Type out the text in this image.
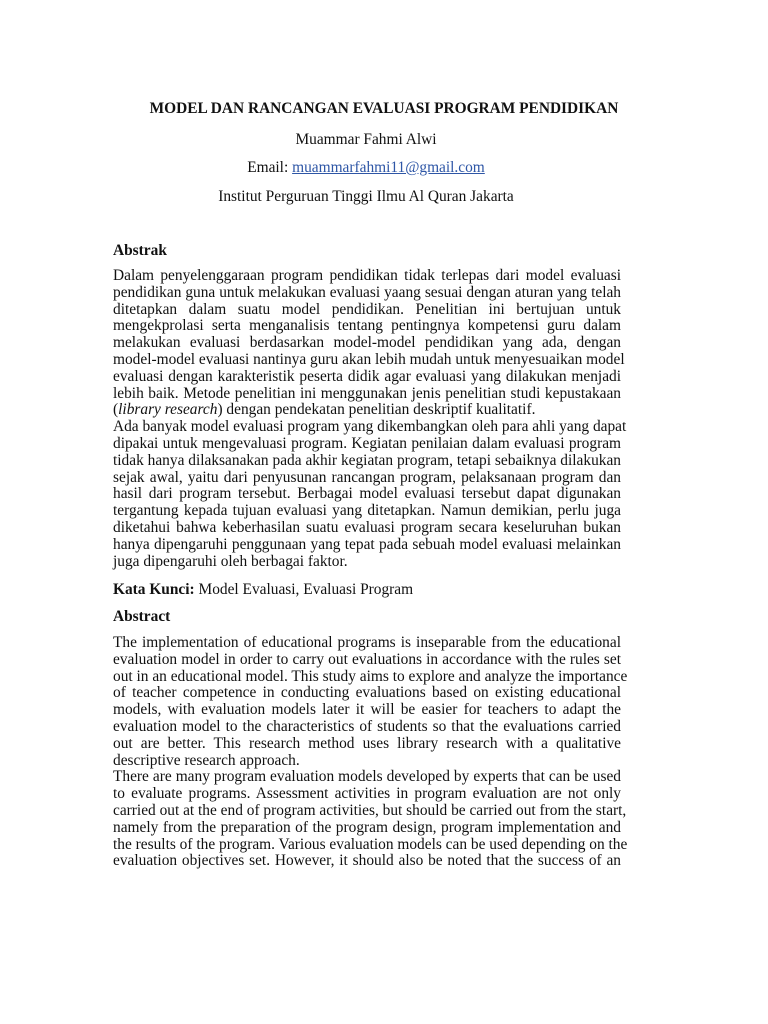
MODEL DAN RANCANGAN EVALUASI PROGRAM PENDIDIKAN

Muammar Fahmi Alwi

Email: muammarfahmi11@gmail.com

Institut Perguruan Tinggi Ilmu Al Quran Jakarta

Abstrak
Dalam penyelenggaraan program pendidikan tidak terlepas dari model evaluasi
pendidikan guna untuk melakukan evaluasi yaang sesuai dengan aturan yang telah
ditetapkan dalam suatu model pendidikan. Penelitian ini bertujuan untuk
mengekprolasi serta menganalisis tentang pentingnya kompetensi guru dalam
melakukan evaluasi berdasarkan model-model pendidikan yang ada, dengan
model-model evaluasi nantinya guru akan lebih mudah untuk menyesuaikan model
evaluasi dengan karakteristik peserta didik agar evaluasi yang dilakukan menjadi
lebih baik. Metode penelitian ini menggunakan jenis penelitian studi kepustakaan
(library research) dengan pendekatan penelitian deskriptif kualitatif.
Ada banyak model evaluasi program yang dikembangkan oleh para ahli yang dapat
dipakai untuk mengevaluasi program. Kegiatan penilaian dalam evaluasi program
tidak hanya dilaksanakan pada akhir kegiatan program, tetapi sebaiknya dilakukan
sejak awal, yaitu dari penyusunan rancangan program, pelaksanaan program dan
hasil dari program tersebut. Berbagai model evaluasi tersebut dapat digunakan
tergantung kepada tujuan evaluasi yang ditetapkan. Namun demikian, perlu juga
diketahui bahwa keberhasilan suatu evaluasi program secara keseluruhan bukan
hanya dipengaruhi penggunaan yang tepat pada sebuah model evaluasi melainkan
juga dipengaruhi oleh berbagai faktor.

Kata Kunci: Model Evaluasi, Evaluasi Program

Abstract
The implementation of educational programs is inseparable from the educational
evaluation model in order to carry out evaluations in accordance with the rules set
out in an educational model. This study aims to explore and analyze the importance
of teacher competence in conducting evaluations based on existing educational
models, with evaluation models later it will be easier for teachers to adapt the
evaluation model to the characteristics of students so that the evaluations carried
out are better. This research method uses library research with a qualitative
descriptive research approach.
There are many program evaluation models developed by experts that can be used
to evaluate programs. Assessment activities in program evaluation are not only
carried out at the end of program activities, but should be carried out from the start,
namely from the preparation of the program design, program implementation and
the results of the program. Various evaluation models can be used depending on the
evaluation objectives set. However, it should also be noted that the success of an
